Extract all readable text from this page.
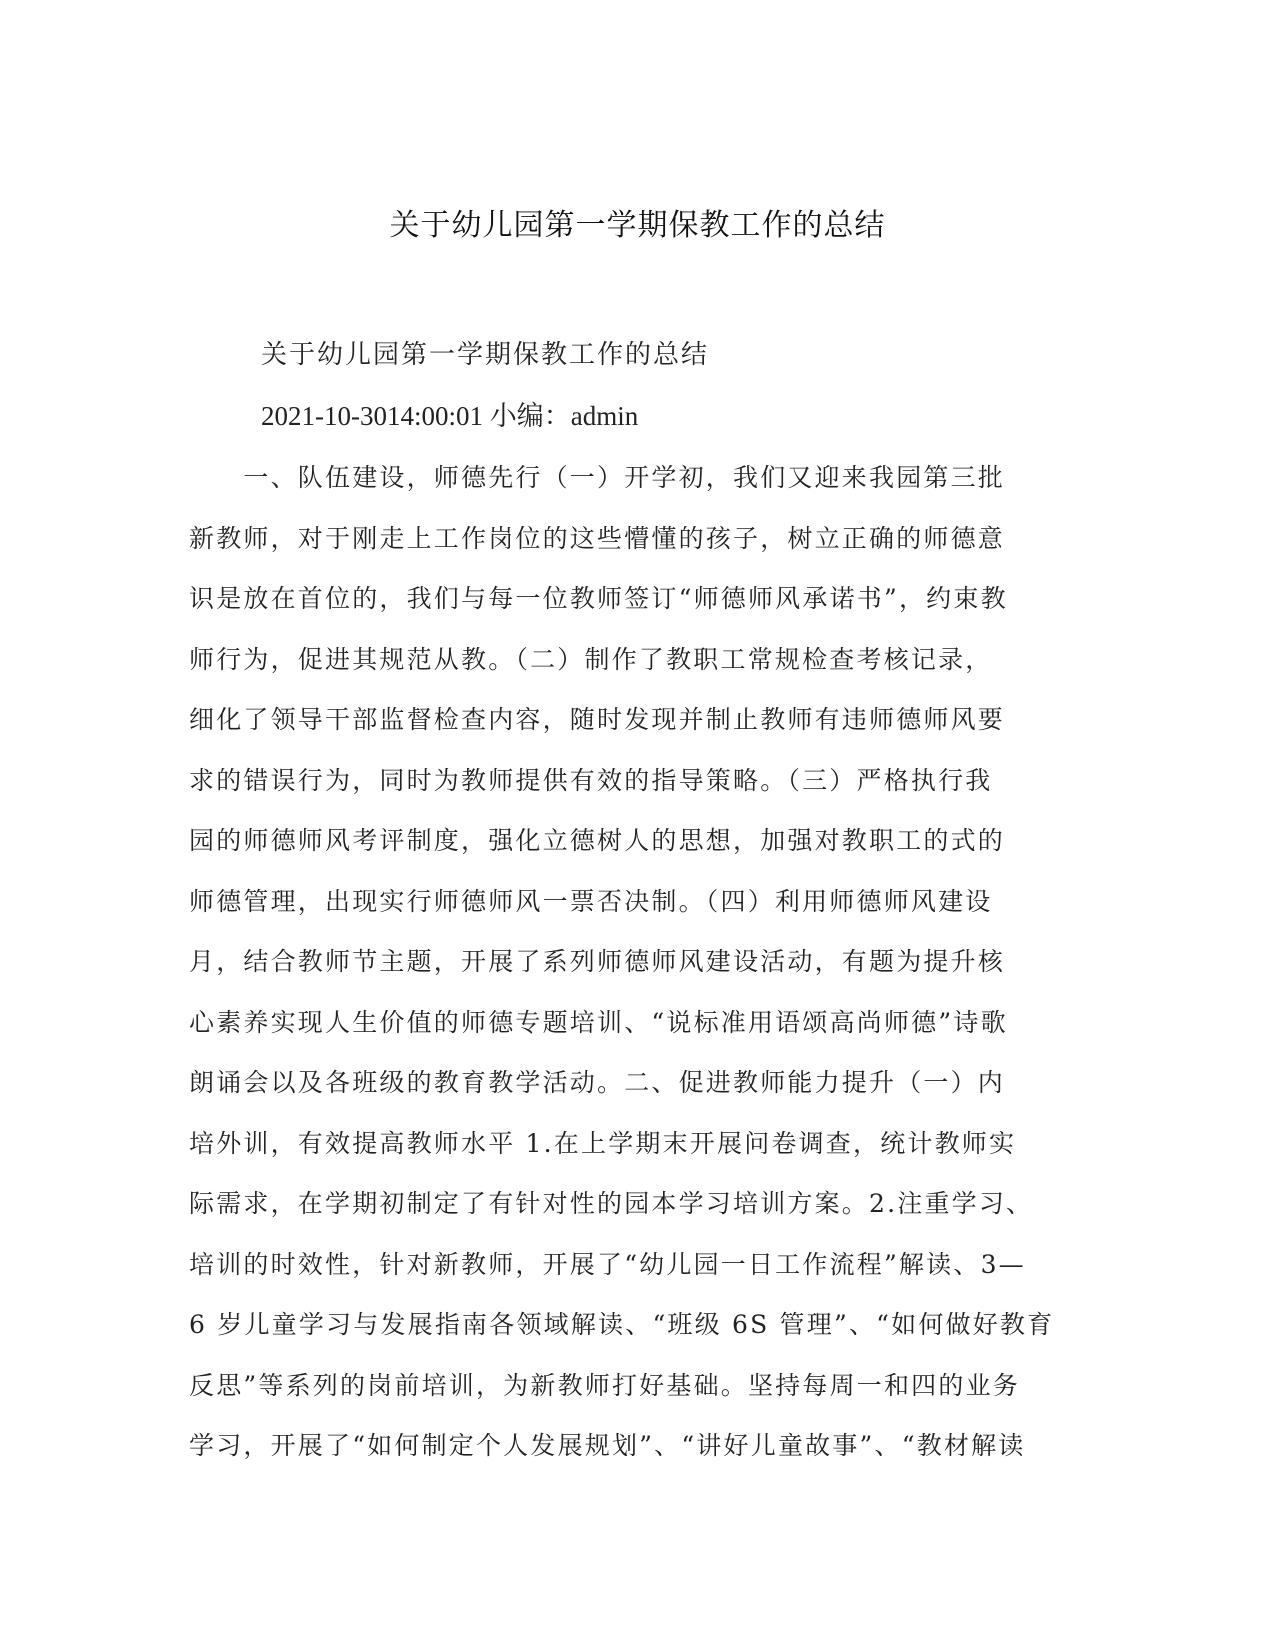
关于幼儿园第一学期保教工作的总结
关于幼儿园第一学期保教工作的总结
2021-10-3014:00:01 小编：admin
　　一、队伍建设，师德先行（一）开学初，我们又迎来我园第三批
新教师，对于刚走上工作岗位的这些懵懂的孩子，树立正确的师德意
识是放在首位的，我们与每一位教师签订“师德师风承诺书”，约束教
师行为，促进其规范从教。（二）制作了教职工常规检查考核记录，
细化了领导干部监督检查内容，随时发现并制止教师有违师德师风要
求的错误行为，同时为教师提供有效的指导策略。（三）严格执行我
园的师德师风考评制度，强化立德树人的思想，加强对教职工的式的
师德管理，出现实行师德师风一票否决制。（四）利用师德师风建设
月，结合教师节主题，开展了系列师德师风建设活动，有题为提升核
心素养实现人生价值的师德专题培训、“说标准用语颂高尚师德”诗歌
朗诵会以及各班级的教育教学活动。二、促进教师能力提升（一）内
培外训，有效提高教师水平 1.在上学期末开展问卷调查，统计教师实
际需求，在学期初制定了有针对性的园本学习培训方案。2.注重学习、
培训的时效性，针对新教师，开展了“幼儿园一日工作流程”解读、3—
6 岁儿童学习与发展指南各领域解读、“班级 6S 管理”、“如何做好教育
反思”等系列的岗前培训，为新教师打好基础。坚持每周一和四的业务
学习，开展了“如何制定个人发展规划”、“讲好儿童故事”、“教材解读
